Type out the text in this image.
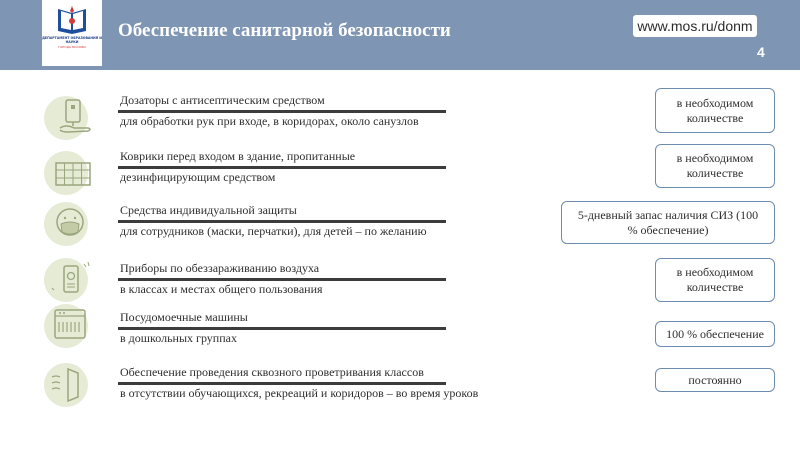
ДЕПАРТАМЕНТ ОБРАЗОВАНИЯ И НАУКИ
ГОРОДА МОСКВЫ
Обеспечение санитарной безопасности	www.mos.ru/donm
4
Дозаторы с антисептическим средством
для обработки рук при входе, в коридорах, около санузлов
Коврики перед входом в здание, пропитанные
дезинфицирующим средством
Средства индивидуальной защиты
для сотрудников (маски, перчатки), для детей – по желанию
Приборы по обеззараживанию воздуха
в классах и местах общего пользования
Посудомоечные машины
в дошкольных группах
Обеспечение проведения сквозного проветривания классов
в отсутствии обучающихся, рекреаций и коридоров – во время уроков
в необходимом количестве
в необходимом количестве
5-дневный запас наличия СИЗ (100 % обеспечение)
в необходимом количестве
100 % обеспечение
постоянно
